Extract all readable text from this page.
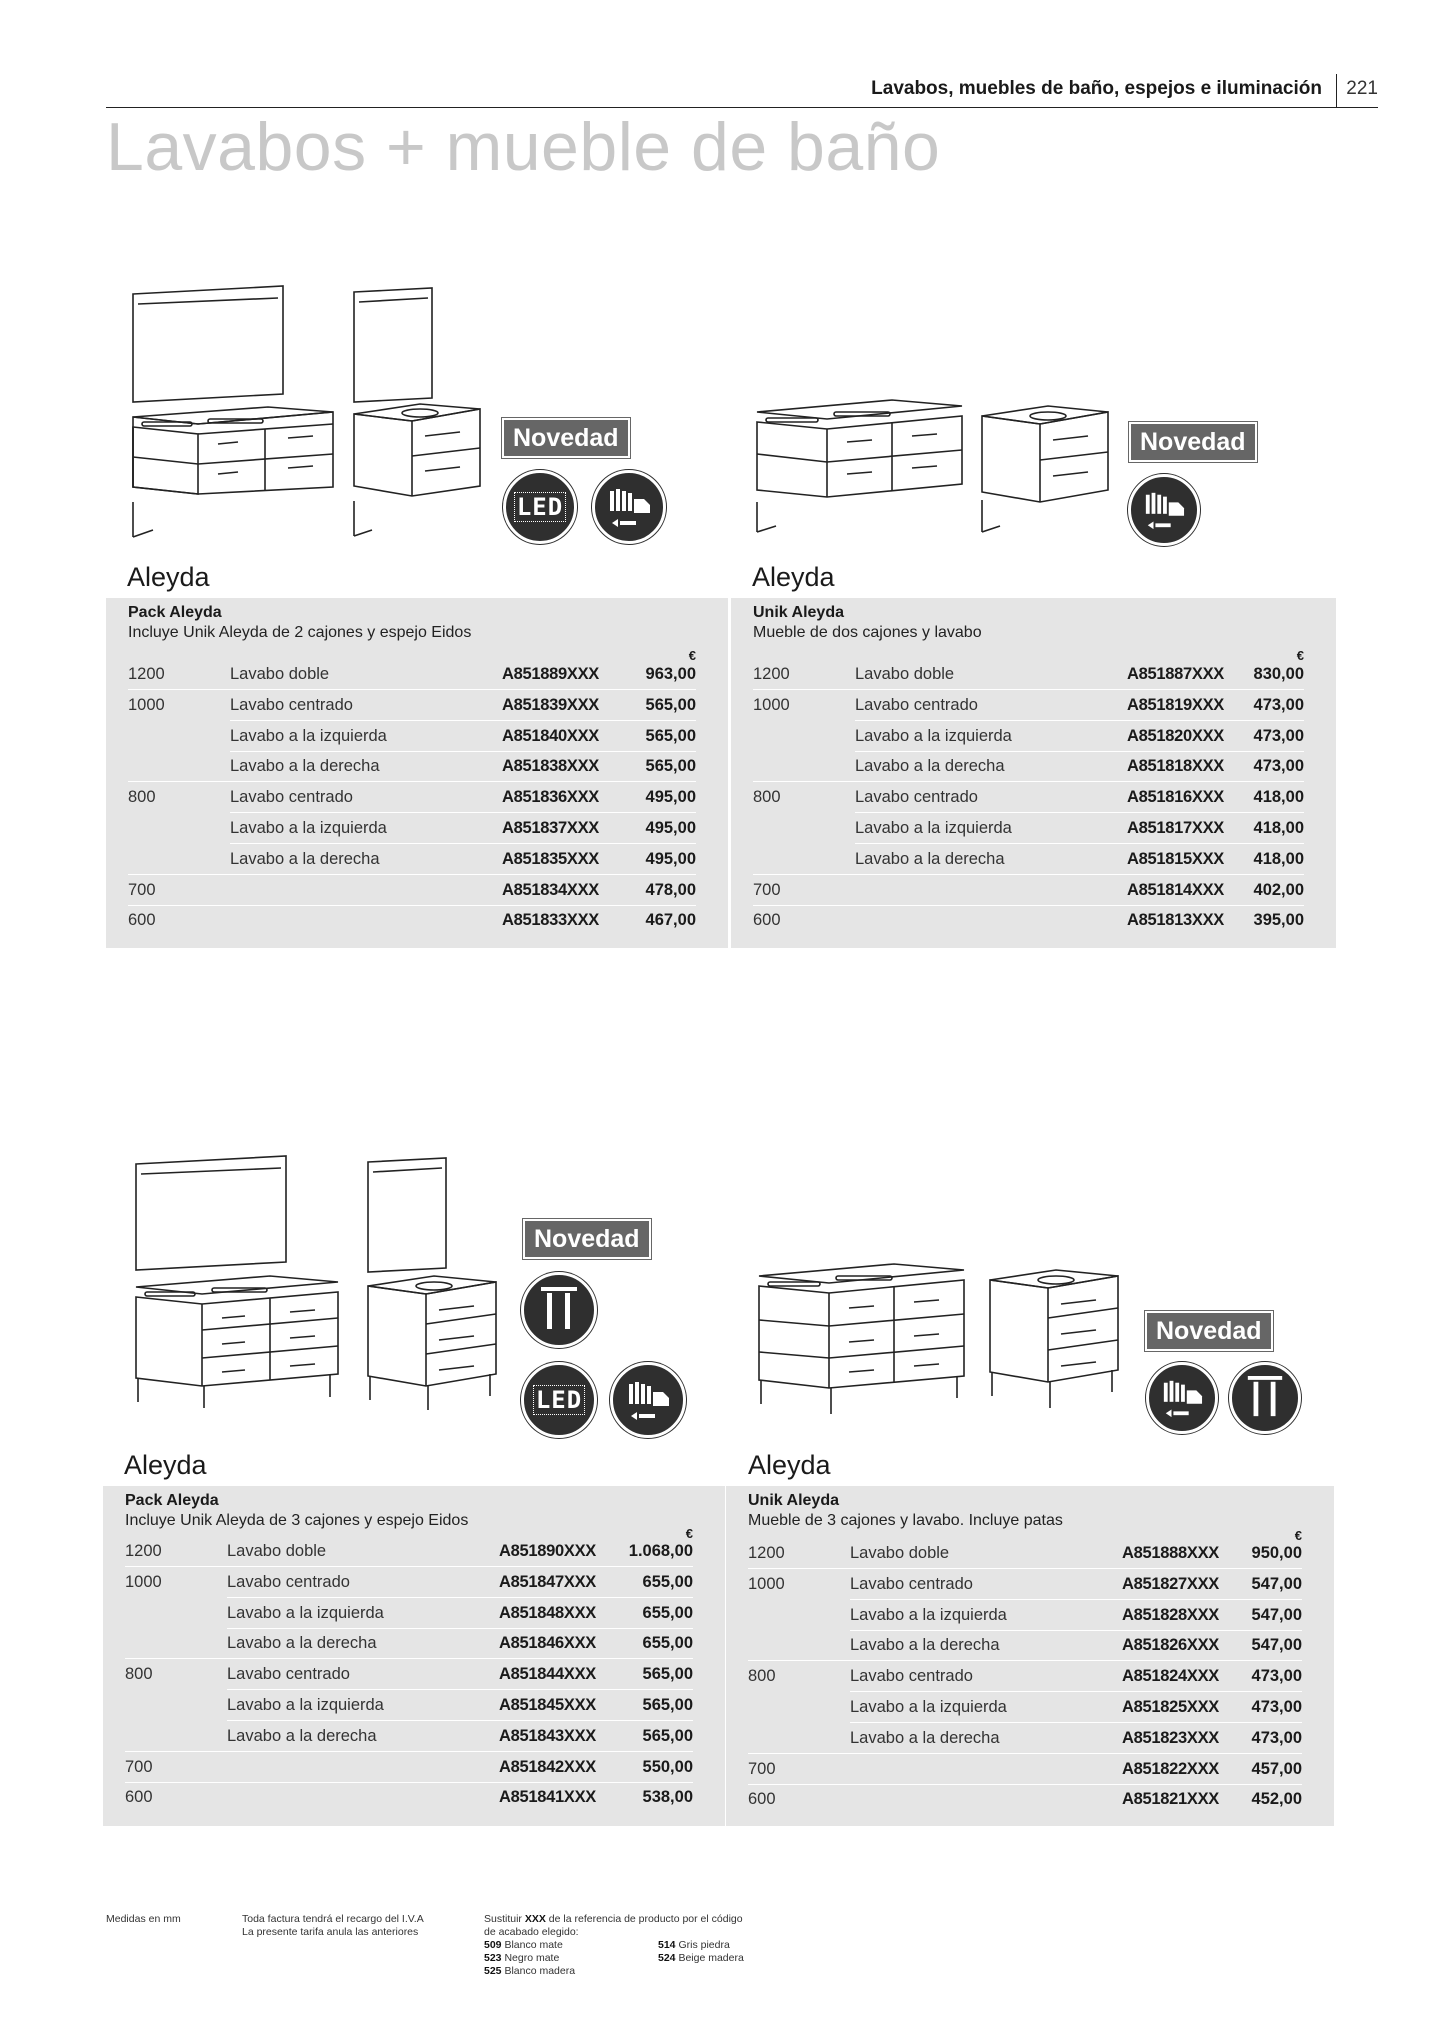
Lavabos, muebles de baño, espejos e iluminación 221
Lavabos + mueble de baño
Novedad
LED
Novedad
Aleyda
Pack Aleyda
Incluye Unik Aleyda de 2 cajones y espejo Eidos
€
1200	Lavabo doble	A851889XXX	963,00
1000	Lavabo centrado	A851839XXX	565,00
Lavabo a la izquierda	A851840XXX	565,00
Lavabo a la derecha	A851838XXX	565,00
800	Lavabo centrado	A851836XXX	495,00
Lavabo a la izquierda	A851837XXX	495,00
Lavabo a la derecha	A851835XXX	495,00
700	A851834XXX	478,00
600	A851833XXX	467,00
Aleyda
Unik Aleyda
Mueble de dos cajones y lavabo
€
1200	Lavabo doble	A851887XXX 830,00
1000	Lavabo centrado	A851819XXX 473,00
Lavabo a la izquierda	A851820XXX 473,00
Lavabo a la derecha	A851818XXX 473,00
800	Lavabo centrado	A851816XXX 418,00
Lavabo a la izquierda	A851817XXX 418,00
Lavabo a la derecha	A851815XXX 418,00
700	A851814XXX 402,00
600	A851813XXX 395,00
Novedad
LED
Novedad
Aleyda
Pack Aleyda
Incluye Unik Aleyda de 3 cajones y espejo Eidos
€
1200	Lavabo doble	A851890XXX 1.068,00
1000	Lavabo centrado	A851847XXX	655,00
Lavabo a la izquierda	A851848XXX	655,00
Lavabo a la derecha	A851846XXX	655,00
800	Lavabo centrado	A851844XXX	565,00
Lavabo a la izquierda	A851845XXX	565,00
Lavabo a la derecha	A851843XXX	565,00
700	A851842XXX	550,00
600	A851841XXX	538,00
Aleyda
Unik Aleyda
Mueble de 3 cajones y lavabo. Incluye patas
€
1200	Lavabo doble	A851888XXX 950,00
1000	Lavabo centrado	A851827XXX 547,00
Lavabo a la izquierda	A851828XXX 547,00
Lavabo a la derecha	A851826XXX 547,00
800	Lavabo centrado	A851824XXX 473,00
Lavabo a la izquierda	A851825XXX 473,00
Lavabo a la derecha	A851823XXX 473,00
700	A851822XXX 457,00
600	A851821XXX 452,00
Medidas en mm	Toda factura tendrá el recargo del I.V.A
La presente tarifa anula las anteriores
Sustituir XXX de la referencia de producto por el código
de acabado elegido:
509 Blanco mate
523 Negro mate
525 Blanco madera
514 Gris piedra
524 Beige madera
